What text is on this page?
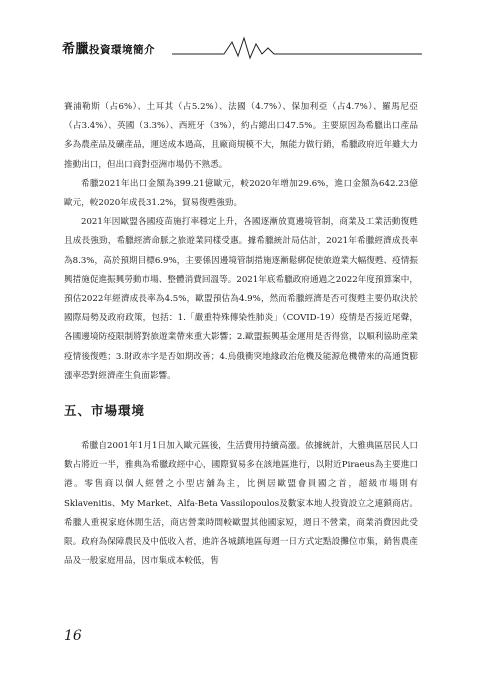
希臘投資環境簡介

賽浦勒斯（占6%）、土耳其（占5.2%）、法國（4.7%）、保加利亞（占4.7%）、羅馬尼亞（占3.4%）、英國（3.3%）、西班牙（3%），約占總出口47.5%。主要原因為希臘出口產品多為農產品及礦產品，運送成本過高，且廠商規模不大，無能力做行銷，希臘政府近年雖大力推動出口，但出口商對亞洲市場仍不熟悉。

希臘2021年出口金額為399.21億歐元，較2020年增加29.6%，進口金額為642.23億歐元，較2020年成長31.2%，貿易復甦強勁。

2021年因歐盟各國疫苗施打率穩定上升，各國逐漸放寬邊境管制，商業及工業活動復甦且成長強勁，希臘經濟命脈之旅遊業同樣受惠。據希臘統計局估計，2021年希臘經濟成長率為8.3%，高於預期目標6.9%，主要係因邊境管制措施逐漸鬆綁促使旅遊業大幅復甦、疫情振興措施促進振興勞動市場、整體消費回溫等。2021年底希臘政府通過之2022年度預算案中，預估2022年經濟成長率為4.5%，歐盟預估為4.9%，然而希臘經濟是否可復甦主要仍取決於國際局勢及政府政策，包括：1.「嚴重特殊傳染性肺炎」（COVID-19）疫情是否接近尾聲，各國邊境防疫限制將對旅遊業帶來重大影響；2.歐盟振興基金運用是否得當，以順利協助產業疫情後復甦；3.財政赤字是否如期改善；4.烏俄衝突地緣政治危機及能源危機帶來的高通貨膨漲率恐對經濟產生負面影響。

五、市場環境

希臘自2001年1月1日加入歐元區後，生活費用持續高漲。依據統計，大雅典區居民人口數占將近一半，雅典為希臘政經中心，國際貿易多在該地區進行，以附近Piraeus為主要進口港。零售商以個人經營之小型店舖為主，比例居歐盟會員國之首，超級市場則有Sklavenitis、My Market、Alfa-Beta Vassilopoulos及數家本地人投資設立之連鎖商店。希臘人重視家庭休閒生活，商店營業時間較歐盟其他國家短，週日不營業，商業消費因此受限。政府為保障農民及中低收入者，進許各城鎮地區每週一日方式定點設攤位市集，銷售農產品及一般家庭用品，因市集成本較低，售

16
